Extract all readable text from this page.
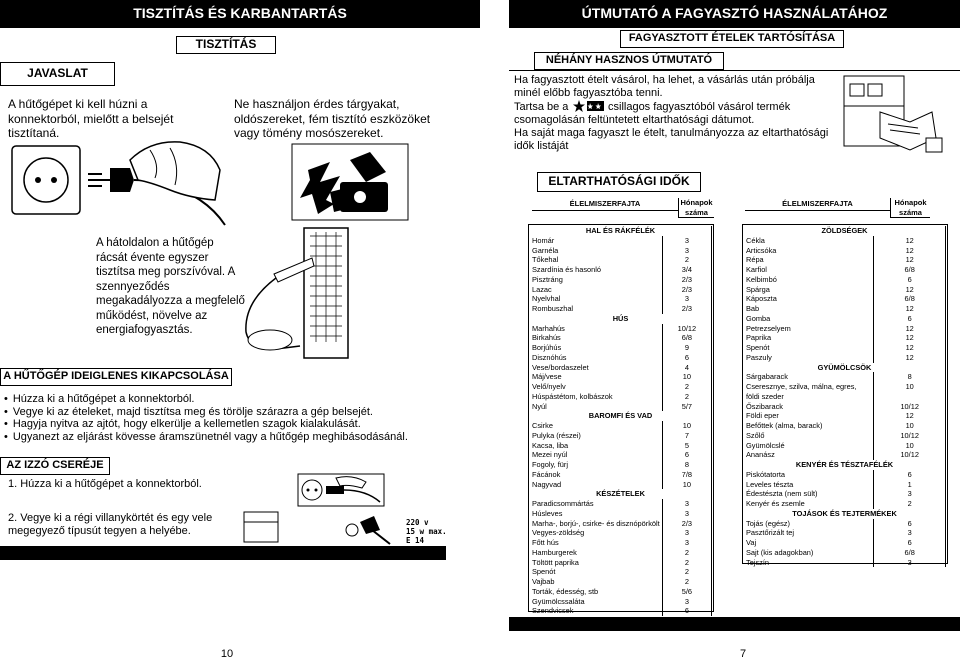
TISZTÍTÁS ÉS KARBANTARTÁS
TISZTÍTÁS
JAVASLAT
A hűtőgépet ki kell húzni a konnektorból, mielőtt a belsejét tisztítaná.
Ne használjon érdes tárgyakat, oldószereket, fém tisztító eszközöket vagy tömény mosószereket.
A hátoldalon a hűtőgép rácsát évente egyszer tisztítsa meg porszívóval. A szennyeződés megakadályozza a megfelelő működést, növelve az energiafogyasztás.
A HŰTŐGÉP IDEIGLENES KIKAPCSOLÁSA
• Húzza ki a hűtőgépet a konnektorból.
• Vegye ki az ételeket, majd tisztítsa meg és törölje szárazra a gép belsejét.
• Hagyja nyitva az ajtót, hogy elkerülje a kellemetlen szagok kialakulását.
• Ugyanezt az eljárást kövesse áramszünetnél vagy a hűtőgép meghibásodásánál.
AZ IZZÓ CSERÉJE
1. Húzza ki a hűtőgépet a konnektorból.
2. Vegye ki a régi villanykörtét és egy vele megegyező típusút tegyen a helyébe.
220 v
15 w max.
E 14
10
ÚTMUTATÓ A FAGYASZTÓ HASZNÁLATÁHOZ
FAGYASZTOTT ÉTELEK TARTÓSÍTÁSA
NÉHÁNY HASZNOS ÚTMUTATÓ
Ha fagyasztott ételt vásárol, ha lehet, a vásárlás után próbálja minél előbb fagyasztóba tenni.
Tartsa be a	csillagos fagyasztóból vásárol termék csomagolásán feltüntetett eltarthatósági dátumot.
Ha saját maga fagyaszt le ételt, tanulmányozza az eltarthatósági idők listáját
ELTARTHATÓSÁGI IDŐK
ÉLELMISZERFAJTA	Hónapok száma
ÉLELMISZERFAJTA	Hónapok száma
HAL ÉS RÁKFÉLÉK	
Homár	3
Garnéla	3
Tőkehal	2
Szardínia és hasonló	3/4
Pisztráng	2/3
Lazac	2/3
Nyelvhal	3
Rombuszhal	2/3
HÚS	
Marhahús	10/12
Birkahús	6/8
Borjúhús	9
Disznóhús	6
Vese/bordaszelet	4
Máj/vese	10
Velő/nyelv	2
Húspástétom, kolbászok	2
Nyúl	5/7
BAROMFI ÉS VAD	
Csirke	10
Pulyka (részei)	7
Kacsa, liba	5
Mezei nyúl	6
Fogoly, fürj	8
Fácánok	7/8
Nagyvad	10
KÉSZÉTELEK	
Paradicsommártás	3
Húsleves	3
Marha-, borjú-, csirke- és disznópörkölt	2/3
Vegyes-zöldség	3
Főtt hús	3
Hamburgerek	2
Töltött paprika	2
Spenót	2
Vajbab	2
Torták, édesség, stb	5/6
Gyümölcssaláta	3
Szendvicsek	6
ZÖLDSÉGEK	
Cékla	12
Articsóka	12
Répa	12
Karfiol	6/8
Kelbimbó	6
Spárga	12
Káposzta	6/8
Bab	12
Gomba	6
Petrezselyem	12
Paprika	12
Spenót	12
Paszuly	12
GYÜMÖLCSÖK	
Sárgabarack	8
Cseresznye, szilva, málna, egres,	10
földi szeder	
Őszibarack	10/12
Földi eper	12
Befőttek (alma, barack)	10
Szőlő	10/12
Gyümölcslé	10
Ananász	10/12
KENYÉR ÉS TÉSZTAFÉLÉK	
Piskótatorta	6
Leveles tészta	1
Édestészta (nem sült)	3
Kenyér és zsemle	2
TOJÁSOK ÉS TEJTERMÉKEK	
Tojás (egész)	6
Pasztőrizált tej	3
Vaj	6
Sajt (kis adagokban)	6/8
Tejszín	3
7
